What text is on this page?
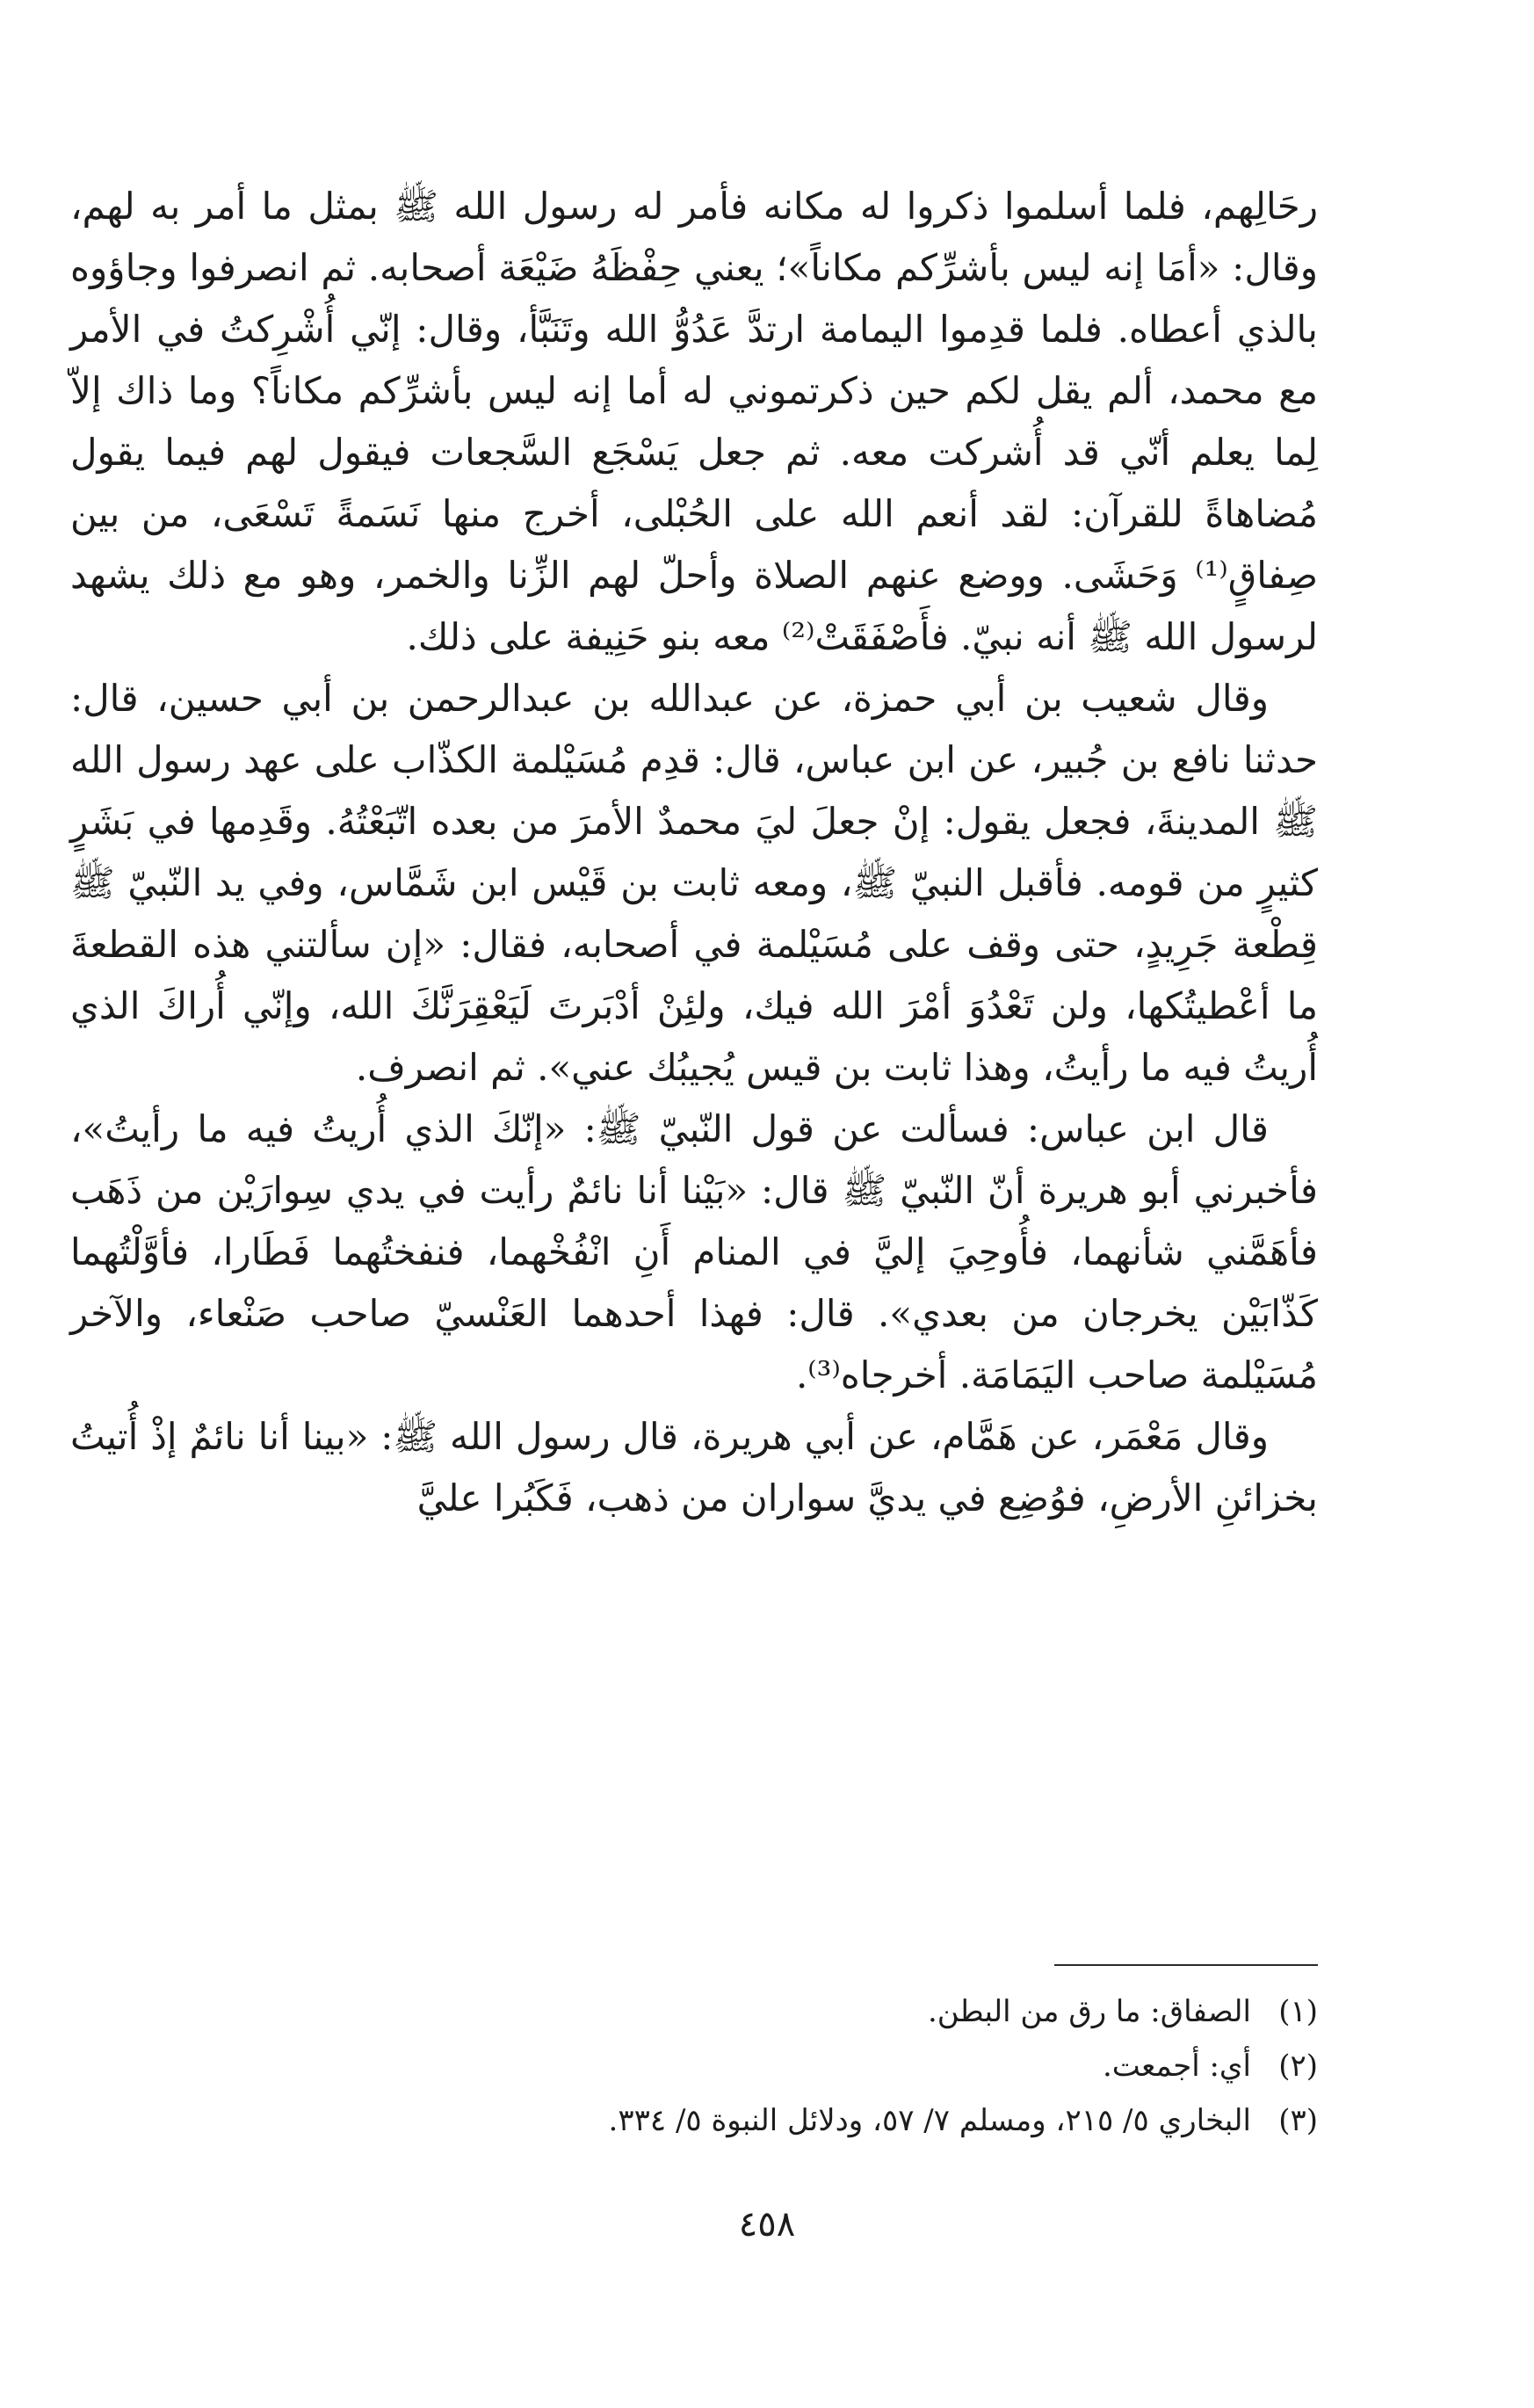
رحَالِهم، فلما أسلموا ذكروا له مكانه فأمر له رسول الله ﷺ بمثل ما أمر به لهم، وقال: «أمَا إنه ليس بأشرِّكم مكاناً»؛ يعني حِفْظَهُ ضَيْعَة أصحابه. ثم انصرفوا وجاؤوه بالذي أعطاه. فلما قدِموا اليمامة ارتدَّ عَدُوُّ الله وتَنَبَّأ، وقال: إنّي أُشْرِكتُ في الأمر مع محمد، ألم يقل لكم حين ذكرتموني له أما إنه ليس بأشرِّكم مكاناً؟ وما ذاك إلاّ لِما يعلم أنّي قد أُشركت معه. ثم جعل يَسْجَع السَّجعات فيقول لهم فيما يقول مُضاهاةً للقرآن: لقد أنعم الله على الحُبْلى، أخرج منها نَسَمةً تَسْعَى، من بين صِفاقٍ⁽¹⁾ وَحَشَى. ووضع عنهم الصلاة وأحلّ لهم الزِّنا والخمر، وهو مع ذلك يشهد لرسول الله ﷺ أنه نبيّ. فأَصْفَقَتْ⁽²⁾ معه بنو حَنِيفة على ذلك.

وقال شعيب بن أبي حمزة، عن عبدالله بن عبدالرحمن بن أبي حسين، قال: حدثنا نافع بن جُبير، عن ابن عباس، قال: قدِم مُسَيْلمة الكذّاب على عهد رسول الله ﷺ المدينةَ، فجعل يقول: إنْ جعلَ ليَ محمدٌ الأمرَ من بعده اتّبَعْتُهُ. وقَدِمها في بَشَرٍ كثيرٍ من قومه. فأقبل النبيّ ﷺ، ومعه ثابت بن قَيْس ابن شَمَّاس، وفي يد النّبيّ ﷺ قِطْعة جَرِيدٍ، حتى وقف على مُسَيْلمة في أصحابه، فقال: «إن سألتني هذه القطعةَ ما أعْطيتُكها، ولن تَعْدُوَ أمْرَ الله فيك، ولئِنْ أدْبَرتَ لَيَعْقِرَنَّكَ الله، وإنّي أُراكَ الذي أُريتُ فيه ما رأيتُ، وهذا ثابت بن قيس يُجيبُك عني». ثم انصرف.

قال ابن عباس: فسألت عن قول النّبيّ ﷺ: «إنّكَ الذي أُريتُ فيه ما رأيتُ»، فأخبرني أبو هريرة أنّ النّبيّ ﷺ قال: «بَيْنا أنا نائمٌ رأيت في يدي سِوارَيْن من ذَهَب فأهَمَّني شأنهما، فأُوحِيَ إليَّ في المنام أَنِ انْفُخْهما، فنفختُهما فَطَارا، فأوَّلْتُهما كَذّابَيْن يخرجان من بعدي». قال: فهذا أحدهما العَنْسيّ صاحب صَنْعاء، والآخر مُسَيْلمة صاحب اليَمَامَة. أخرجاه⁽³⁾.

وقال مَعْمَر، عن هَمَّام، عن أبي هريرة، قال رسول الله ﷺ: «بينا أنا نائمٌ إذْ أُتيتُ بخزائنِ الأرضِ، فوُضِع في يديَّ سواران من ذهب، فَكَبُرا عليَّ

(١)
الصفاق: ما رق من البطن.
(٢)
أي: أجمعت.
(٣)
البخاري ٥/ ٢١٥، ومسلم ٧/ ٥٧، ودلائل النبوة ٥/ ٣٣٤.
٤٥٨
